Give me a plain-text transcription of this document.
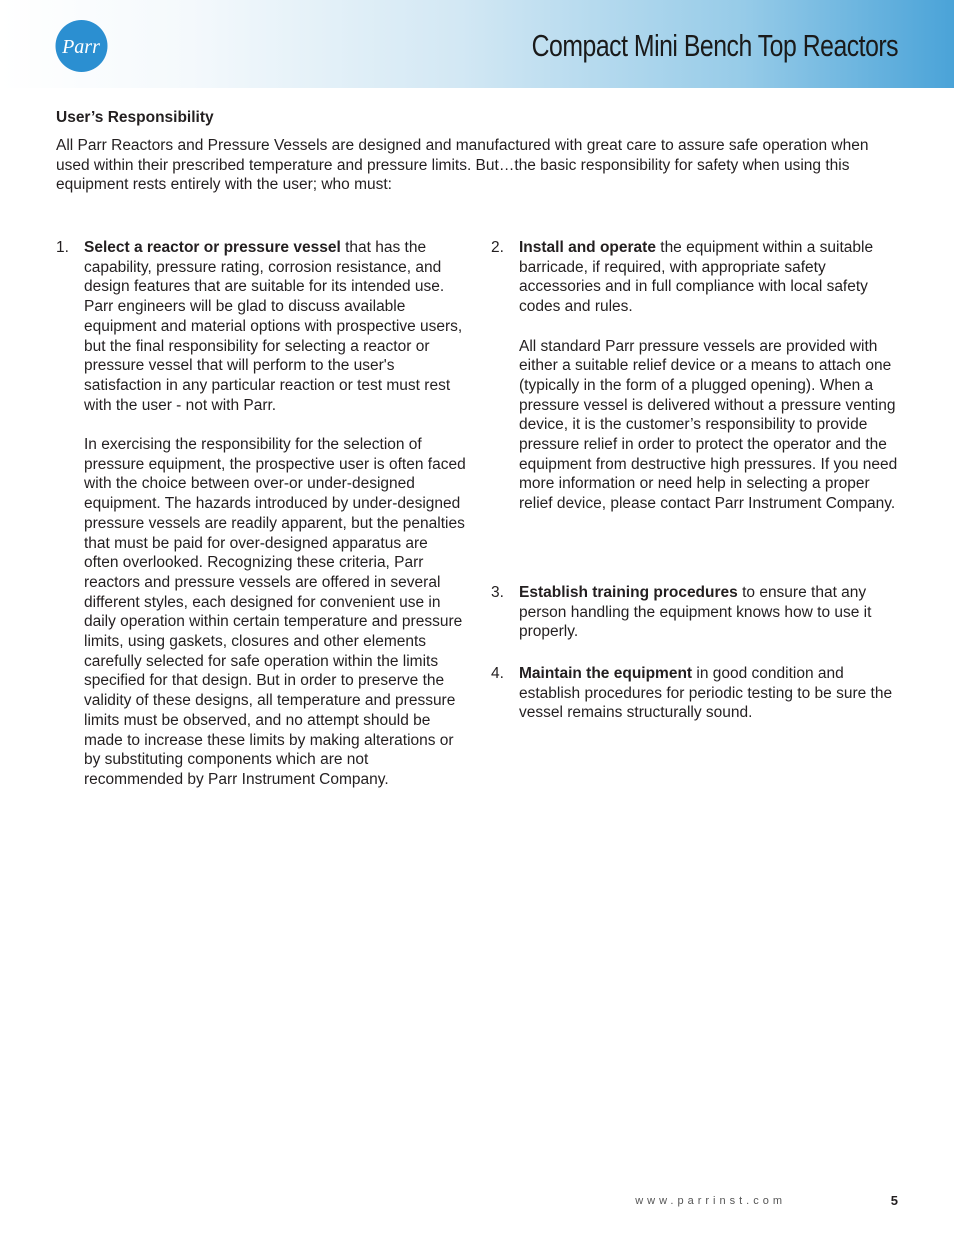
Parr	Compact Mini Bench Top Reactors
User’s Responsibility
All Parr Reactors and Pressure Vessels are designed and manufactured with great care to assure safe operation when used within their prescribed temperature and pressure limits. But…the basic responsibility for safety when using this equipment rests entirely with the user; who must:
1. Select a reactor or pressure vessel that has the capability, pressure rating, corrosion resistance, and design features that are suitable for its intended use. Parr engineers will be glad to discuss available equipment and material options with prospective users, but the final responsibility for selecting a reactor or pressure vessel that will perform to the user's satisfaction in any particular reaction or test must rest with the user - not with Parr.

In exercising the responsibility for the selection of pressure equipment, the prospective user is often faced with the choice between over-or under-designed equipment. The hazards introduced by under-designed pressure vessels are readily apparent, but the penalties that must be paid for over-designed apparatus are often overlooked. Recognizing these criteria, Parr reactors and pressure vessels are offered in several different styles, each designed for convenient use in daily operation within certain temperature and pressure limits, using gaskets, closures and other elements carefully selected for safe operation within the limits specified for that design. But in order to preserve the validity of these designs, all temperature and pressure limits must be observed, and no attempt should be made to increase these limits by making alterations or by substituting components which are not recommended by Parr Instrument Company.

2. Install and operate the equipment within a suitable barricade, if required, with appropriate safety accessories and in full compliance with local safety codes and rules.

All standard Parr pressure vessels are provided with either a suitable relief device or a means to attach one (typically in the form of a plugged opening). When a pressure vessel is delivered without a pressure venting device, it is the customer’s responsibility to provide pressure relief in order to protect the operator and the equipment from destructive high pressures. If you need more information or need help in selecting a proper relief device, please contact Parr Instrument Company.

3. Establish training procedures to ensure that any person handling the equipment knows how to use it properly.

4. Maintain the equipment in good condition and establish procedures for periodic testing to be sure the vessel remains structurally sound.

www.parrinst.com	5
